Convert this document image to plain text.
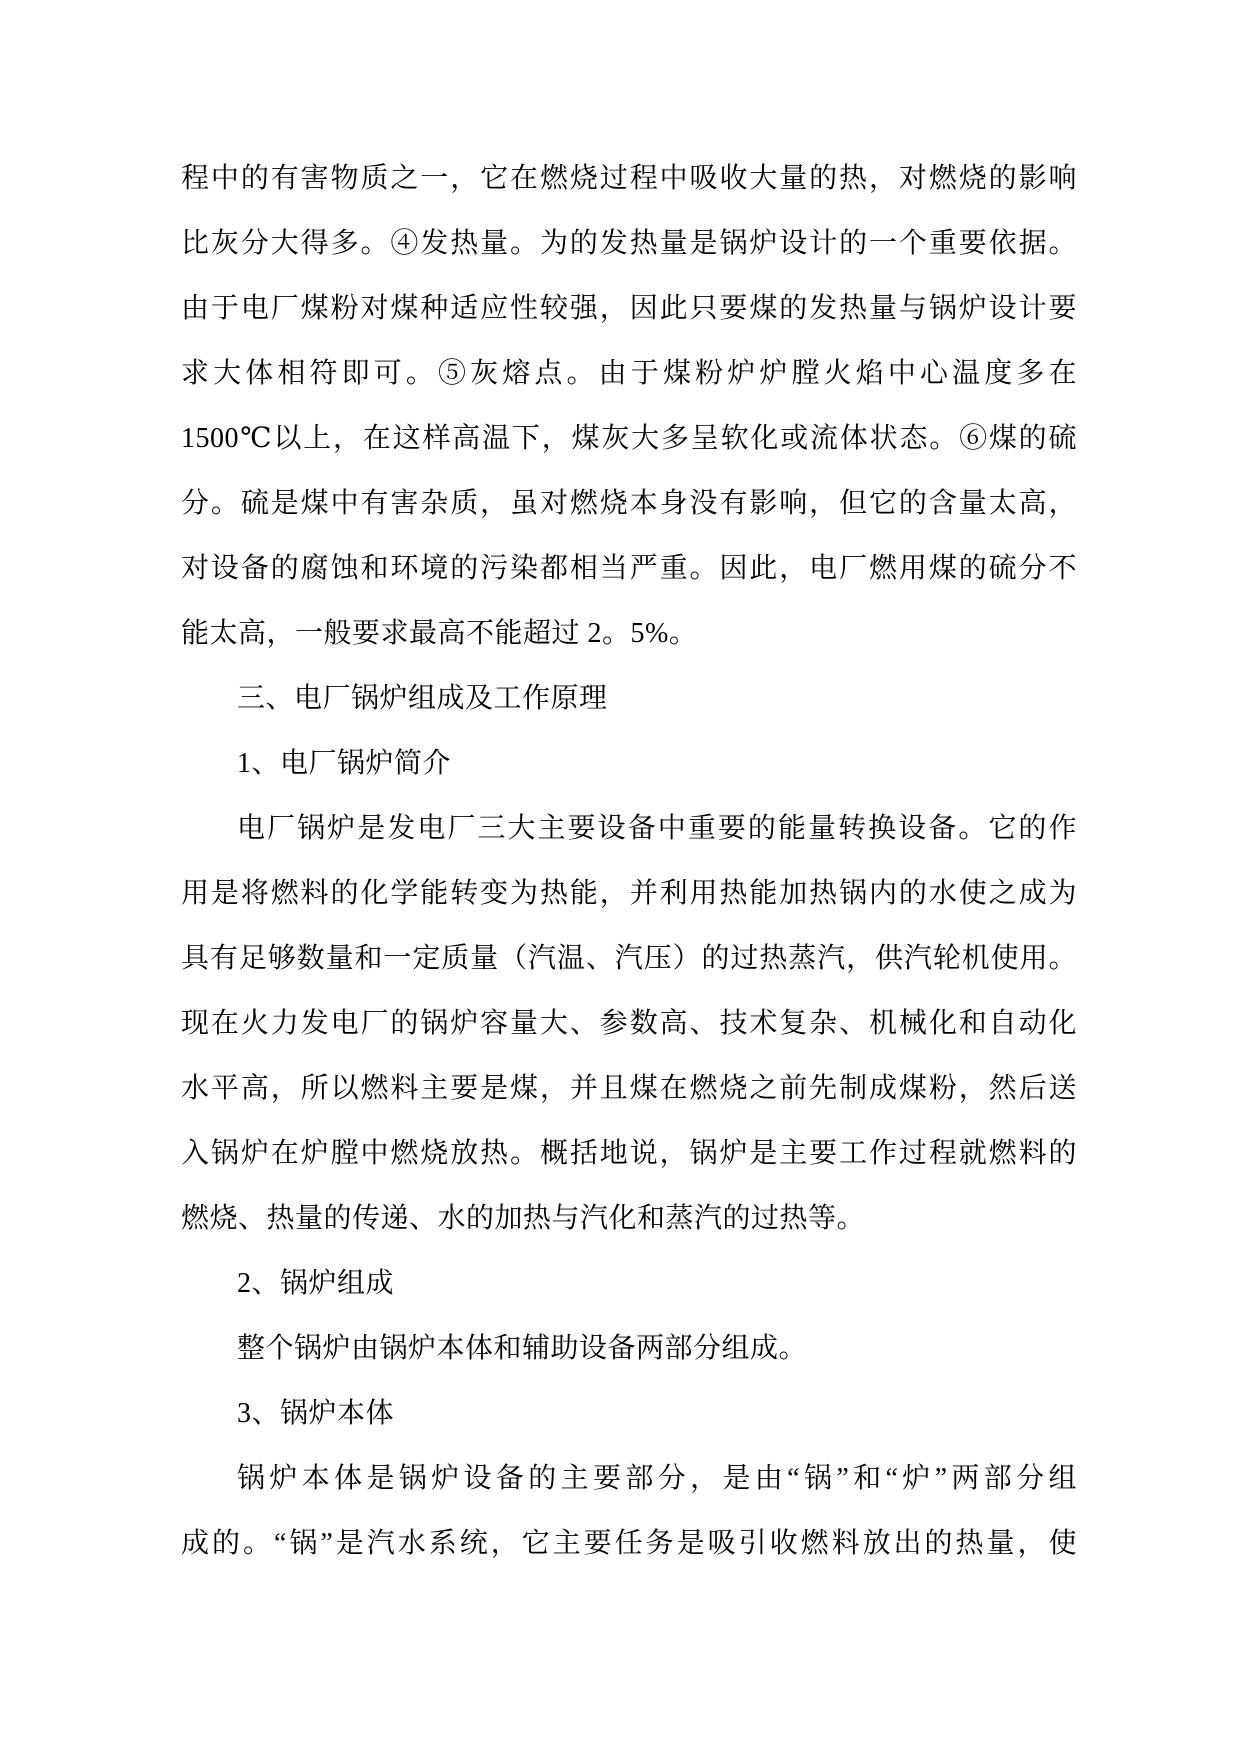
程中的有害物质之一，它在燃烧过程中吸收大量的热，对燃烧的影响
比灰分大得多。④发热量。为的发热量是锅炉设计的一个重要依据。
由于电厂煤粉对煤种适应性较强，因此只要煤的发热量与锅炉设计要
求大体相符即可。⑤灰熔点。由于煤粉炉炉膛火焰中心温度多在
1500℃以上，在这样高温下，煤灰大多呈软化或流体状态。⑥煤的硫
分。硫是煤中有害杂质，虽对燃烧本身没有影响，但它的含量太高，
对设备的腐蚀和环境的污染都相当严重。因此，电厂燃用煤的硫分不
能太高，一般要求最高不能超过 2。5%。
三、电厂锅炉组成及工作原理
1、电厂锅炉简介
电厂锅炉是发电厂三大主要设备中重要的能量转换设备。它的作
用是将燃料的化学能转变为热能，并利用热能加热锅内的水使之成为
具有足够数量和一定质量（汽温、汽压）的过热蒸汽，供汽轮机使用。
现在火力发电厂的锅炉容量大、参数高、技术复杂、机械化和自动化
水平高，所以燃料主要是煤，并且煤在燃烧之前先制成煤粉，然后送
入锅炉在炉膛中燃烧放热。概括地说，锅炉是主要工作过程就燃料的
燃烧、热量的传递、水的加热与汽化和蒸汽的过热等。
2、锅炉组成
整个锅炉由锅炉本体和辅助设备两部分组成。
3、锅炉本体
锅炉本体是锅炉设备的主要部分，是由“锅”和“炉”两部分组
成的。“锅”是汽水系统，它主要任务是吸引收燃料放出的热量，使
